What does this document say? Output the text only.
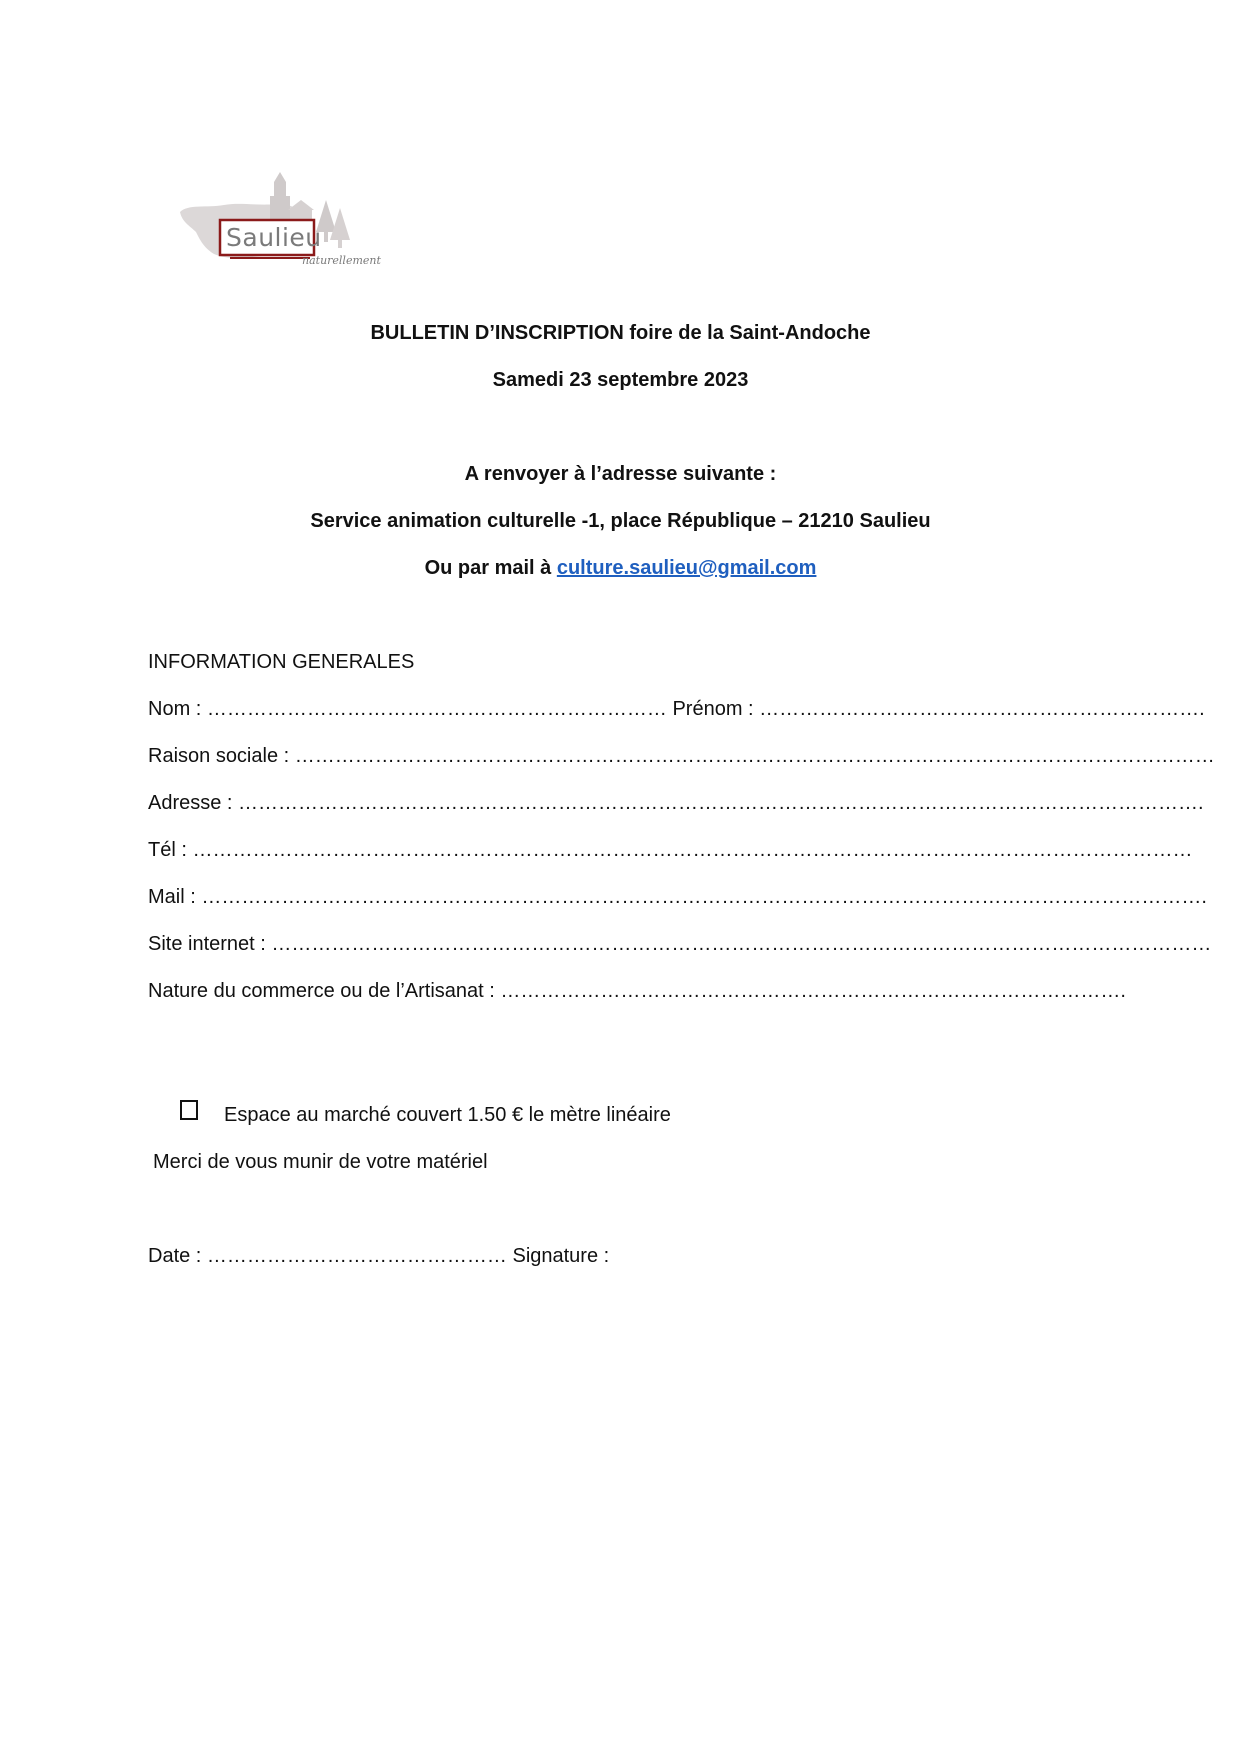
Saulieu
naturellement
BULLETIN D’INSCRIPTION foire de la Saint-Andoche
Samedi 23 septembre 2023
A renvoyer à l’adresse suivante :
Service animation culturelle -1, place République – 21210 Saulieu
Ou par mail à culture.saulieu@gmail.com
INFORMATION GENERALES
Nom : …………………………………………………………… Prénom : ………………………………………………………….
Raison sociale : …………………………………………………………………………………………………………………………
Adresse : ……………………………………………………………………………………………………………………………….
Tél : ……………………………………………………………………………………………………………………………………
Mail : …………………………………………………………………………………………………………………………………….
Site internet : ……………………………………………………………………………………………………………………………
Nature du commerce ou de l’Artisanat : ………………………………………………………………………………….
Espace au marché couvert 1.50 € le mètre linéaire
Merci de vous munir de votre matériel
Date : ……………………………………… Signature :
